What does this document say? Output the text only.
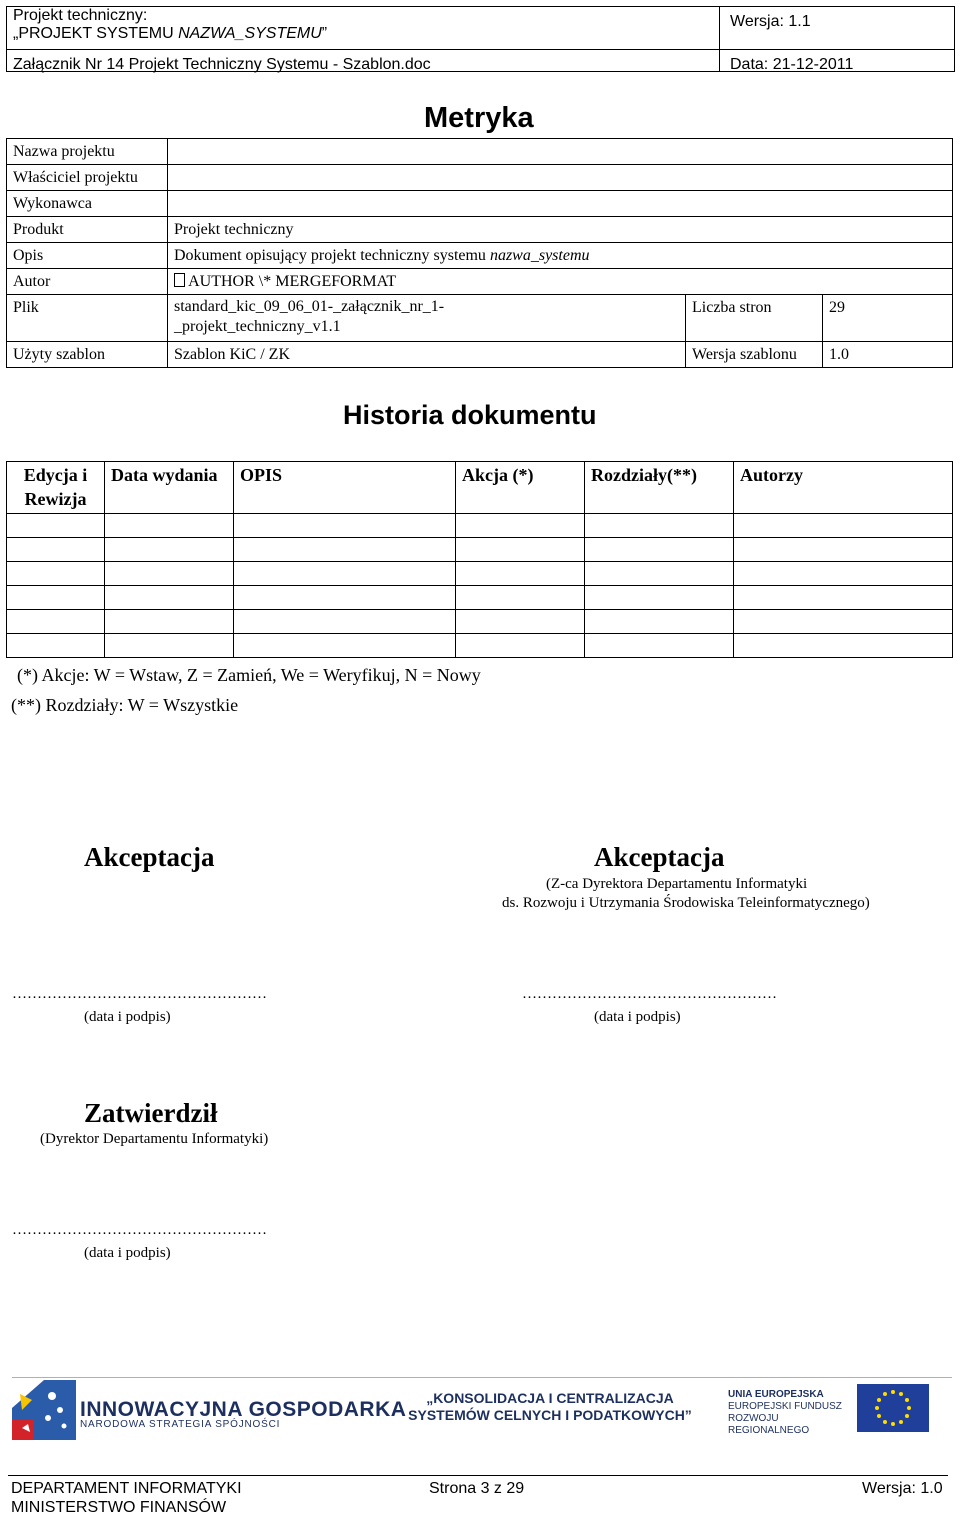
Projekt techniczny:
„PROJEKT SYSTEMU NAZWA_SYSTEMU”	Wersja: 1.1

Załącznik Nr 14 Projekt Techniczny Systemu - Szablon.doc	Data: 21-12-2011
Metryka
Nazwa projektu			
Właściciel projektu			
Wykonawca			
Produkt	Projekt techniczny		
Opis	Dokument opisujący projekt techniczny systemu nazwa_systemu		
Autor	AUTHOR \* MERGEFORMAT		
Plik	standard_kic_09_06_01-_załącznik_nr_1-
_projekt_techniczny_v1.1	Liczba stron	29
Użyty szablon	Szablon KiC / ZK	Wersja szablonu	1.0
Historia dokumentu
Edycja i Rewizja	Data wydania	OPIS	Akcja (*)	Rozdziały(**)	Autorzy

(*) Akcje: W = Wstaw, Z = Zamień, We = Weryfikuj, N = Nowy
(**) Rozdziały: W = Wszystkie
Akceptacja
……………………………………………
(data i podpis)
Akceptacja
(Z-ca Dyrektora Departamentu Informatyki
ds. Rozwoju i Utrzymania Środowiska Teleinformatycznego)
……………………………………………
(data i podpis)
Zatwierdził
(Dyrektor Departamentu Informatyki)
……………………………………………
(data i podpis)
INNOWACYJNA GOSPODARKA
NARODOWA STRATEGIA SPÓJNOŚCI
„KONSOLIDACJA I CENTRALIZACJA
SYSTEMÓW CELNYCH I PODATKOWYCH”
UNIA EUROPEJSKA
EUROPEJSKI FUNDUSZ
ROZWOJU REGIONALNEGO
DEPARTAMENT INFORMATYKI
MINISTERSTWO FINANSÓW
Strona 3 z 29	Wersja: 1.0
